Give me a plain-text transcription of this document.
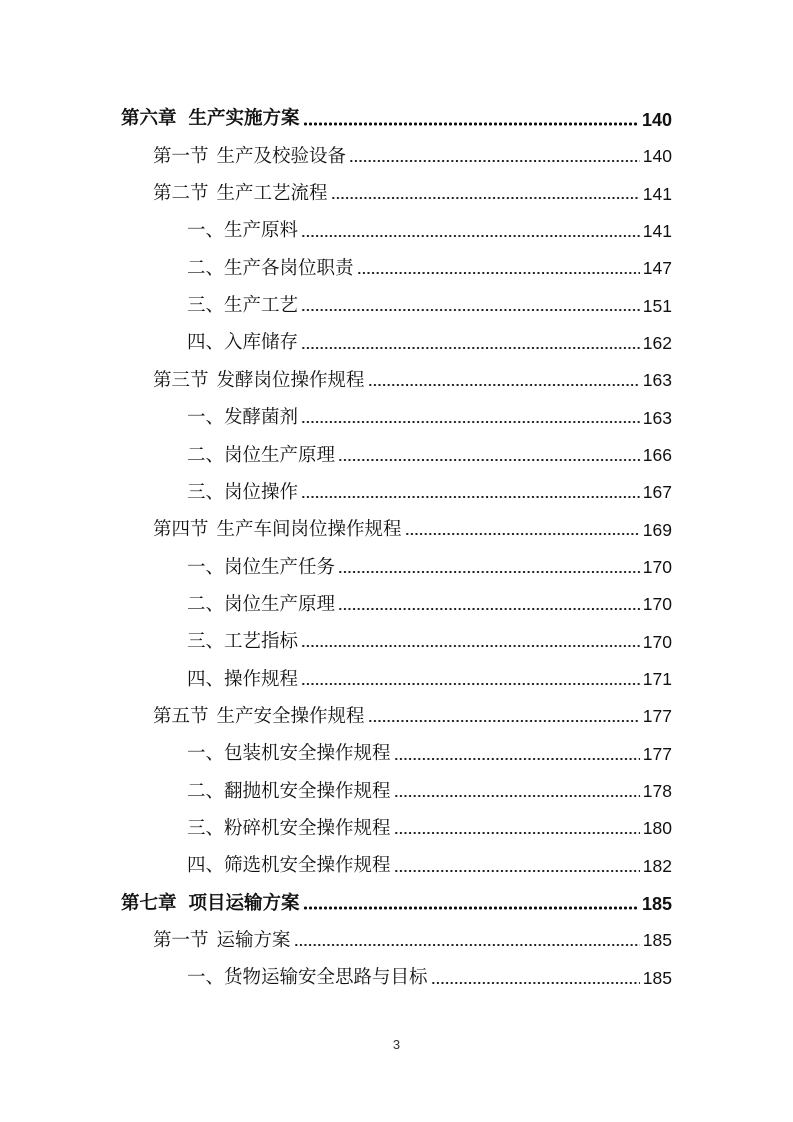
第六章 生产实施方案	140
第一节 生产及校验设备	140
第二节 生产工艺流程	141
一、 生产原料	141
二、 生产各岗位职责	147
三、 生产工艺	151
四、 入库储存	162
第三节 发酵岗位操作规程	163
一、 发酵菌剂	163
二、 岗位生产原理	166
三、 岗位操作	167
第四节 生产车间岗位操作规程	169
一、 岗位生产任务	170
二、 岗位生产原理	170
三、 工艺指标	170
四、 操作规程	171
第五节 生产安全操作规程	177
一、 包装机安全操作规程	177
二、 翻抛机安全操作规程	178
三、 粉碎机安全操作规程	180
四、 筛选机安全操作规程	182
第七章 项目运输方案	185
第一节 运输方案	185
一、 货物运输安全思路与目标	185
3
